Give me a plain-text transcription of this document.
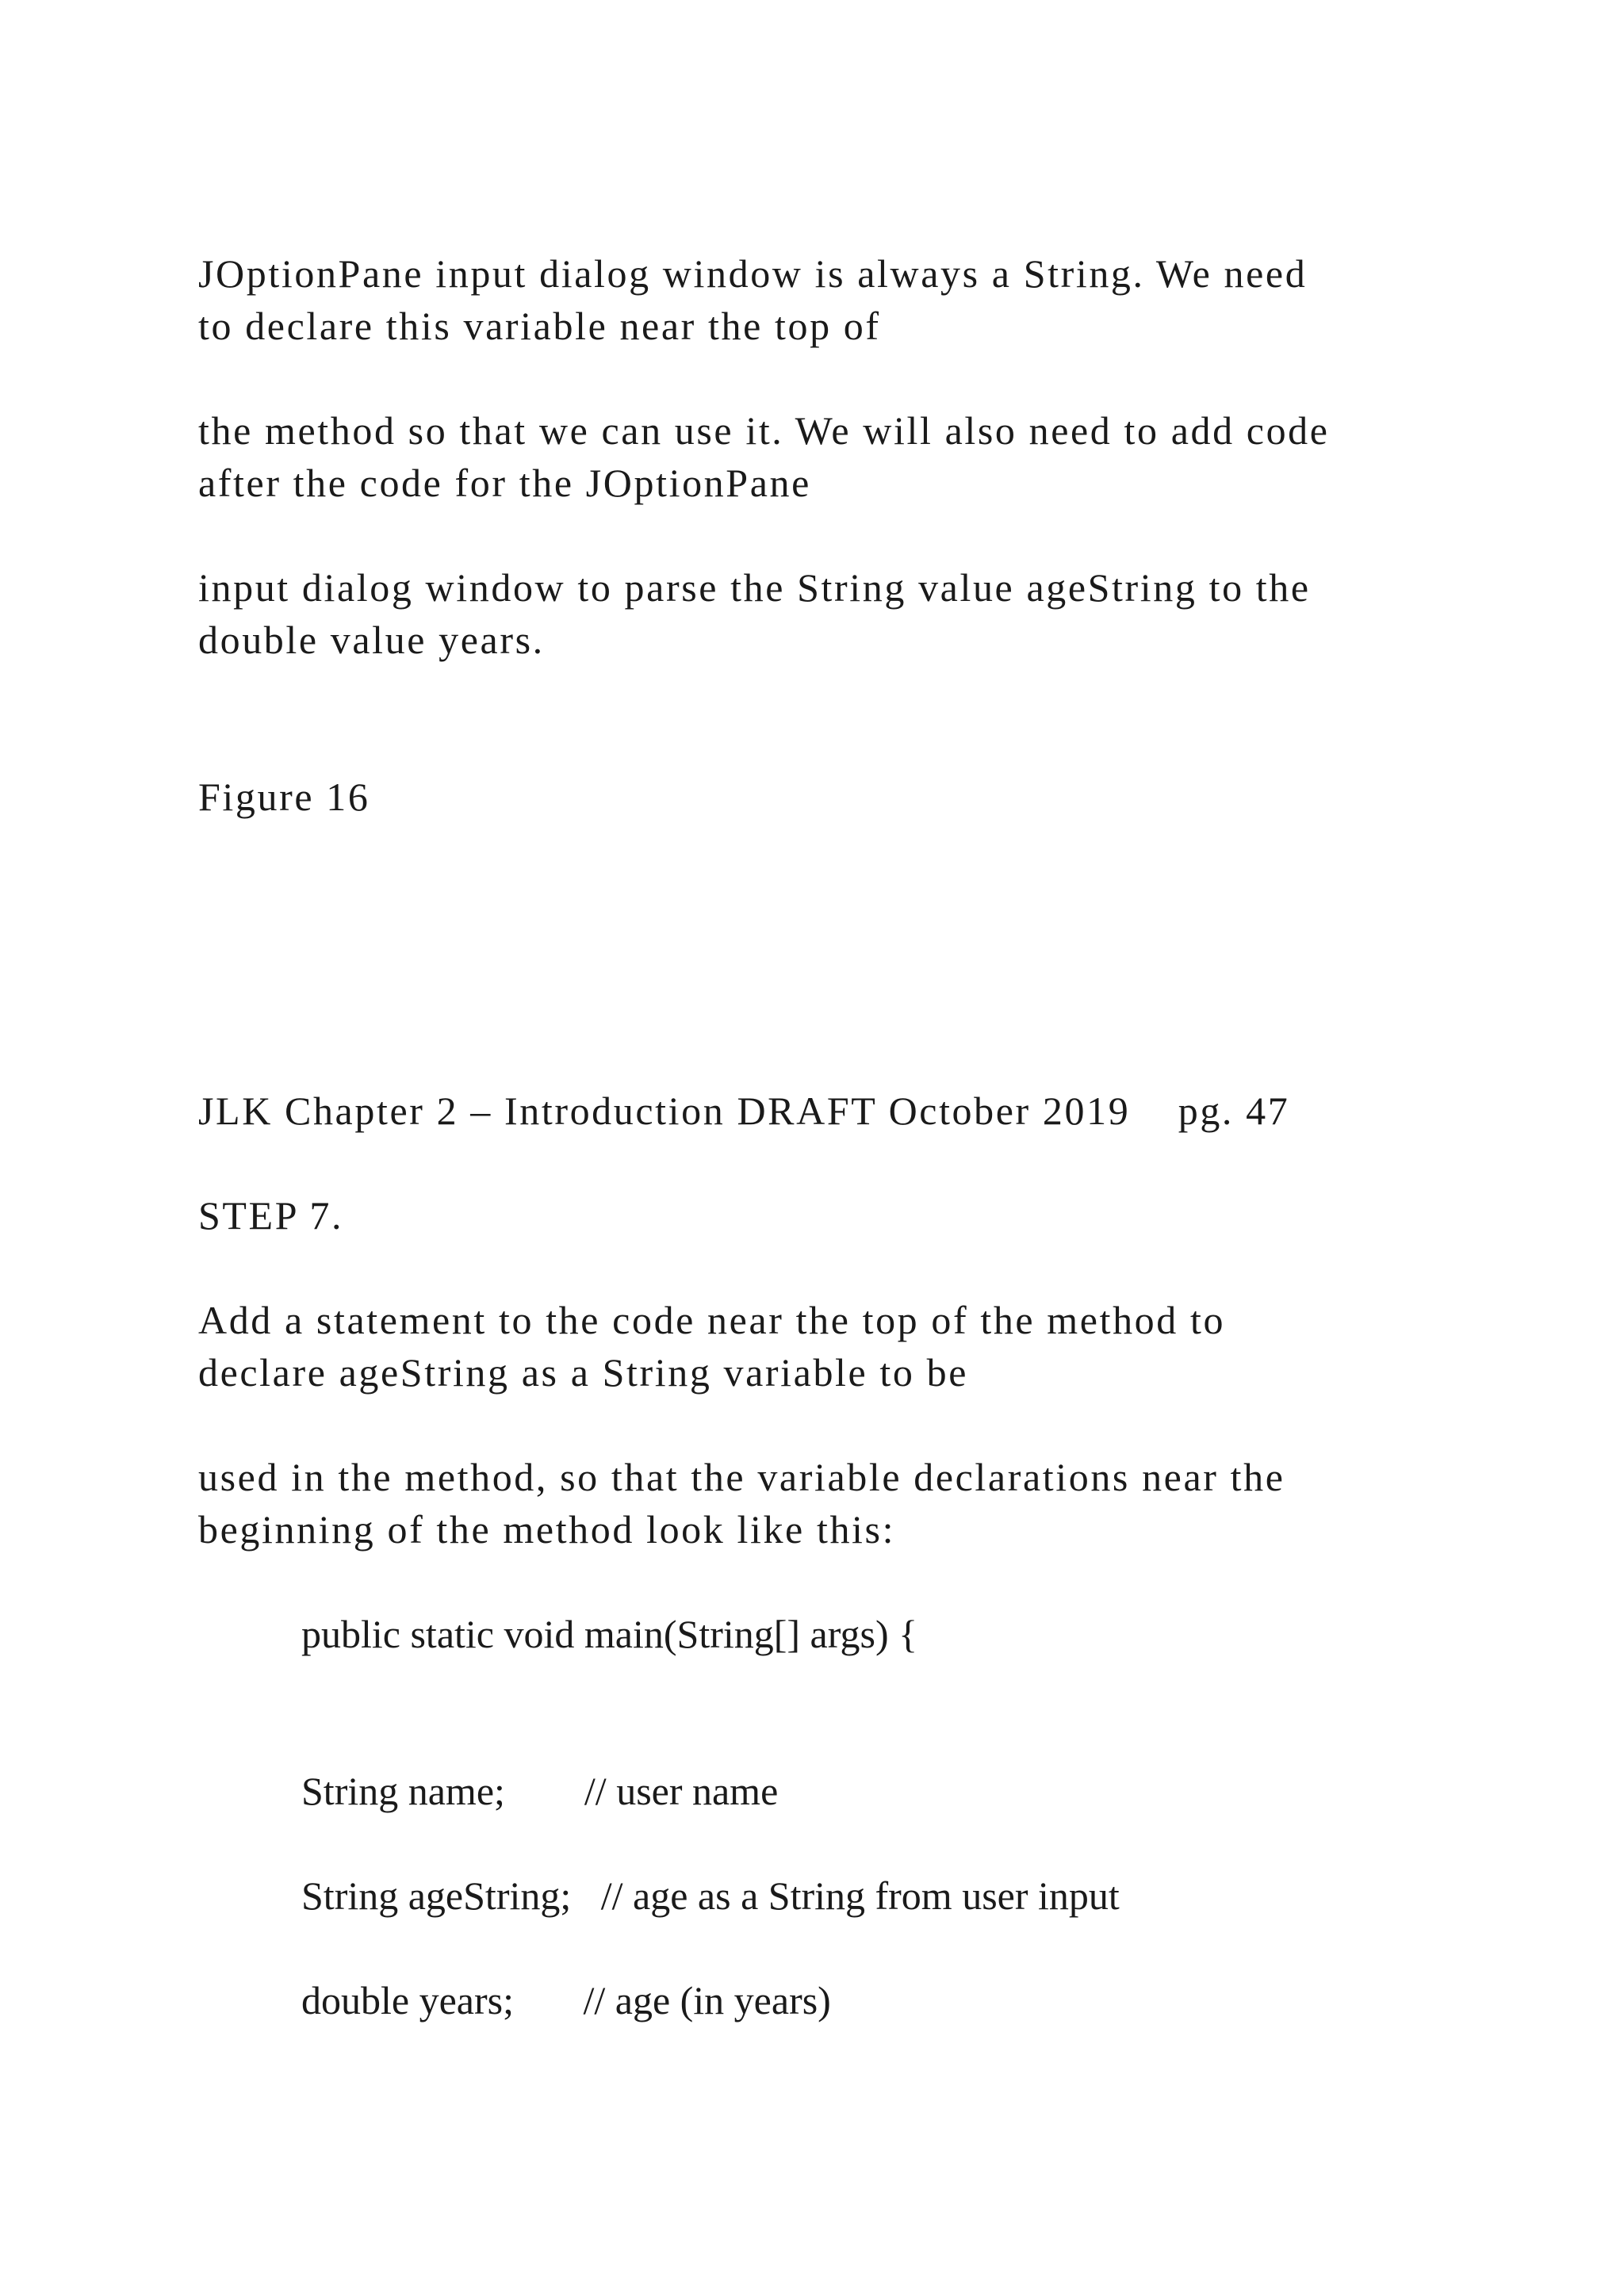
JOptionPane input dialog window is always a String. We need
to declare this variable near the top of

the method so that we can use it. We will also need to add code
after the code for the JOptionPane

input dialog window to parse the String value ageString to the
double value years.

Figure 16

JLK Chapter 2 – Introduction DRAFT October 2019 pg. 47

STEP 7.

Add a statement to the code near the top of the method to
declare ageString as a String variable to be

used in the method, so that the variable declarations near the
beginning of the method look like this:

public static void main(String[] args) {
String name;        // user name
String ageString;   // age as a String from user input
double years;       // age (in years)
